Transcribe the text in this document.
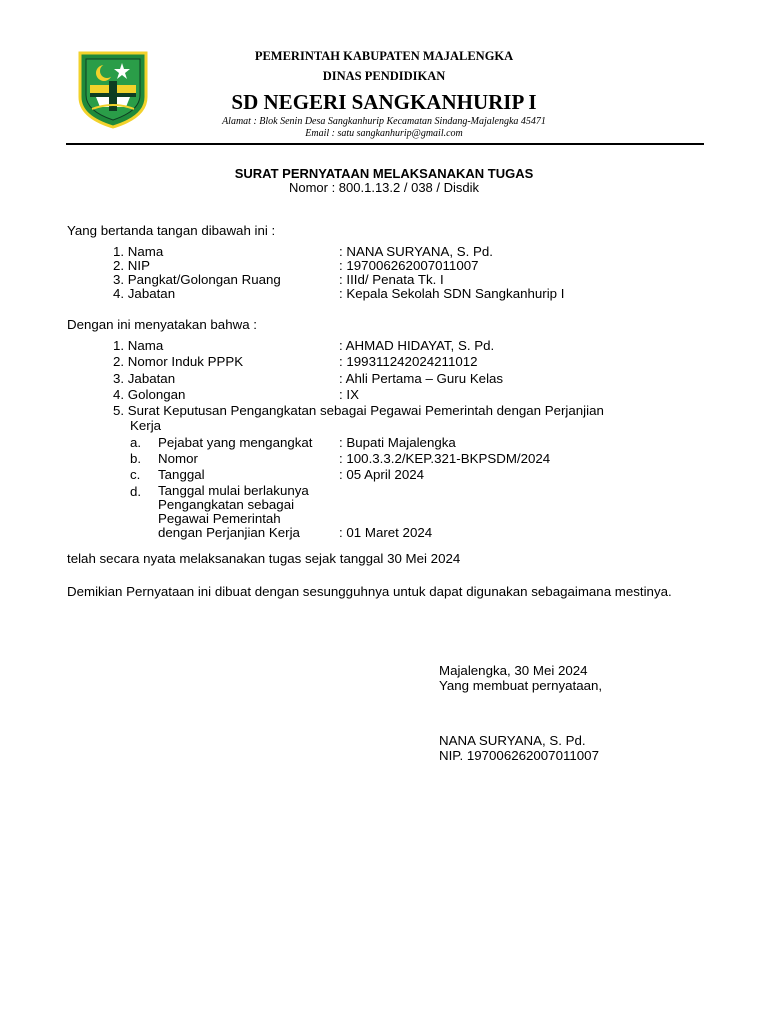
PEMERINTAH KABUPATEN MAJALENGKA
DINAS PENDIDIKAN
SD NEGERI SANGKANHURIP I
Alamat : Blok Senin Desa Sangkanhurip Kecamatan Sindang-Majalengka 45471
Email : satu sangkanhurip@gmail.com
SURAT PERNYATAAN MELAKSANAKAN TUGAS
Nomor : 800.1.13.2 / 038 / Disdik
Yang bertanda tangan dibawah ini :
1. Nama	: NANA SURYANA, S. Pd.
2. NIP	: 197006262007011007
3. Pangkat/Golongan Ruang	: IIId/ Penata Tk. I
4. Jabatan	: Kepala Sekolah SDN Sangkanhurip I
Dengan ini menyatakan bahwa :
1. Nama	: AHMAD HIDAYAT, S. Pd.
2. Nomor Induk PPPK	: 199311242024211012
3. Jabatan	: Ahli Pertama – Guru Kelas
4. Golongan	: IX
5. Surat Keputusan Pengangkatan sebagai Pegawai Pemerintah dengan Perjanjian
Kerja
a. Pejabat yang mengangkat : Bupati Majalengka
b. Nomor	: 100.3.3.2/KEP.321-BKPSDM/2024
c. Tanggal	: 05 April 2024
d. Tanggal mulai berlakunya
Pengangkatan sebagai
Pegawai Pemerintah
dengan Perjanjian Kerja	: 01 Maret 2024
telah secara nyata melaksanakan tugas sejak tanggal 30 Mei 2024
Demikian Pernyataan ini dibuat dengan sesungguhnya untuk dapat digunakan sebagaimana mestinya.
Majalengka, 30 Mei 2024
Yang membuat pernyataan,
NANA SURYANA, S. Pd.
NIP. 197006262007011007
